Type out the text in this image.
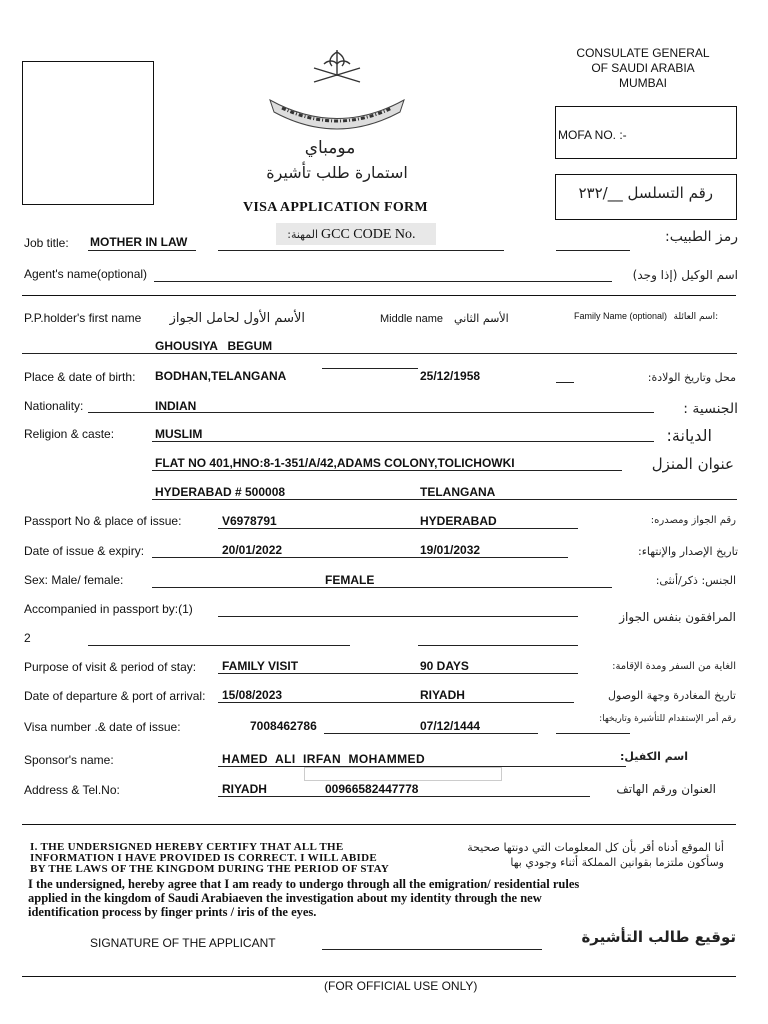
مومباي
استمارة طلب تأشيرة
VISA APPLICATION FORM
CONSULATE GENERAL
OF SAUDI ARABIA
MUMBAI
MOFA NO. :-
رقم التسلسل __/٢٣٢
Job title: MOTHER IN LAW
المهنة: GCC CODE No.	رمز الطبيب:
Agent's name(optional)	اسم الوكيل (إذا وجد)
P.P.holder's first name	الأسم الأول لحامل الجواز	Middle name الأسم الثاني	Family Name (optional) اسم العائلة:
GHOUSIYA   BEGUM
Place & date of birth: BODHAN,TELANGANA	25/12/1958	محل وتاريخ الولادة:
Nationality:	INDIAN	الجنسية :
Religion & caste:	MUSLIM	الديانة:
FLAT NO 401,HNO:8-1-351/A/42,ADAMS COLONY,TOLICHOWKI	عنوان المنزل
HYDERABAD # 500008	TELANGANA
Passport No & place of issue:	V6978791	HYDERABAD	رقم الجواز ومصدره:
Date of issue & expiry:	20/01/2022	19/01/2032	تاريخ الإصدار والإنتهاء:
Sex: Male/ female:	FEMALE	الجنس: ذكر/أنثى:
Accompanied in passport by:(1)
المرافقون بنفس الجواز
2
Purpose of visit & period of stay: FAMILY VISIT	90 DAYS	الغاية من السفر ومدة الإقامة:
Date of departure & port of arrival: 15/08/2023	RIYADH	تاريخ المغادرة وجهة الوصول
Visa number .& date of issue:	7008462786	07/12/1444	رقم أمر الإستقدام للتأشيرة وتاريخها:
Sponsor's name:	HAMED  ALI  IRFAN  MOHAMMED	اسم الكفيل:
Address & Tel.No:	RIYADH	00966582447778	العنوان ورقم الهاتف
I. THE UNDERSIGNED HEREBY CERTIFY THAT ALL THE
INFORMATION I HAVE PROVIDED IS CORRECT. I WILL ABIDE
BY THE LAWS OF THE KINGDOM DURING THE PERIOD OF STAY
أنا الموقع أدناه أقر بأن كل المعلومات التي دونتها صحيحة
وسأكون ملتزما بقوانين المملكة أثناء وجودي بها
I the undersigned, hereby agree that I am ready to undergo through all the emigration/ residential rules
applied in the kingdom of Saudi Arabiaeven the investigation about my identity through the new
identification process by finger prints / iris of the eyes.
SIGNATURE OF THE APPLICANT	توقيع طالب التأشيرة
(FOR OFFICIAL USE ONLY)
